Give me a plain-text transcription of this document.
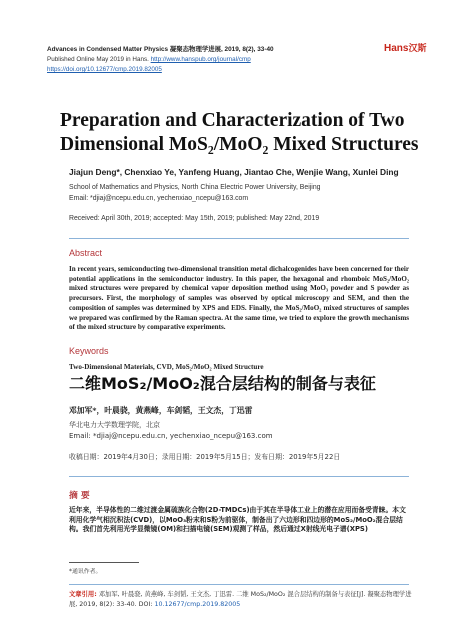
Advances in Condensed Matter Physics 凝聚态物理学进展, 2019, 8(2), 33-40
Published Online May 2019 in Hans. http://www.hanspub.org/journal/cmp
https://doi.org/10.12677/cmp.2019.82005
Hans汉斯
Preparation and Characterization of Two
Dimensional MoS₂/MoO₂ Mixed Structures
Jiajun Deng*, Chenxiao Ye, Yanfeng Huang, Jiantao Che, Wenjie Wang, Xunlei Ding
School of Mathematics and Physics, North China Electric Power University, Beijing
Email: *djiaj@ncepu.edu.cn, yechenxiao_ncepu@163.com
Received: April 30th, 2019; accepted: May 15th, 2019; published: May 22nd, 2019
Abstract
In recent years, semiconducting two-dimensional transition metal dichalcogenides have been concerned for their potential applications in the semiconductor industry. In this paper, the hexagonal and rhomboic MoS₂/MoO₂ mixed structures were prepared by chemical vapor deposition method using MoO₃ powder and S powder as precursors. First, the morphology of samples was observed by optical microscopy and SEM, and then the composition of samples was determined by XPS and EDS. Finally, the MoS₂/MoO₂ mixed structures of samples we prepared was confirmed by the Raman spectra. At the same time, we tried to explore the growth mechanisms of the mixed structure by comparative experiments.
Keywords
Two-Dimensional Materials, CVD, MoS₂/MoO₂ Mixed Structure
二维MoS₂/MoO₂混合层结构的制备与表征
邓加军*，叶晨骁，黄燕峰，车剑韬，王文杰，丁迅雷
华北电力大学数理学院，北京
Email: *djiaj@ncepu.edu.cn, yechenxiao_ncepu@163.com
收稿日期：2019年4月30日；录用日期：2019年5月15日；发布日期：2019年5月22日
摘 要
近年来，半导体性的二维过渡金属硫族化合物(2D-TMDCs)由于其在半导体工业上的潜在应用而备受青睐。本文利用化学气相沉积法(CVD)，以MoO₃粉末和S粉为前驱体，制备出了六边形和四边形的MoS₂/MoO₂混合层结构。我们首先利用光学显微镜(OM)和扫描电镜(SEM)观测了样品，然后通过X射线光电子谱(XPS)
*通讯作者。
文章引用: 邓加军, 叶晨骁, 黄燕峰, 车剑韬, 王文杰, 丁迅雷. 二维 MoS₂/MoO₂ 混合层结构的制备与表征[J]. 凝聚态物理学进展, 2019, 8(2): 33-40. DOI: 10.12677/cmp.2019.82005
